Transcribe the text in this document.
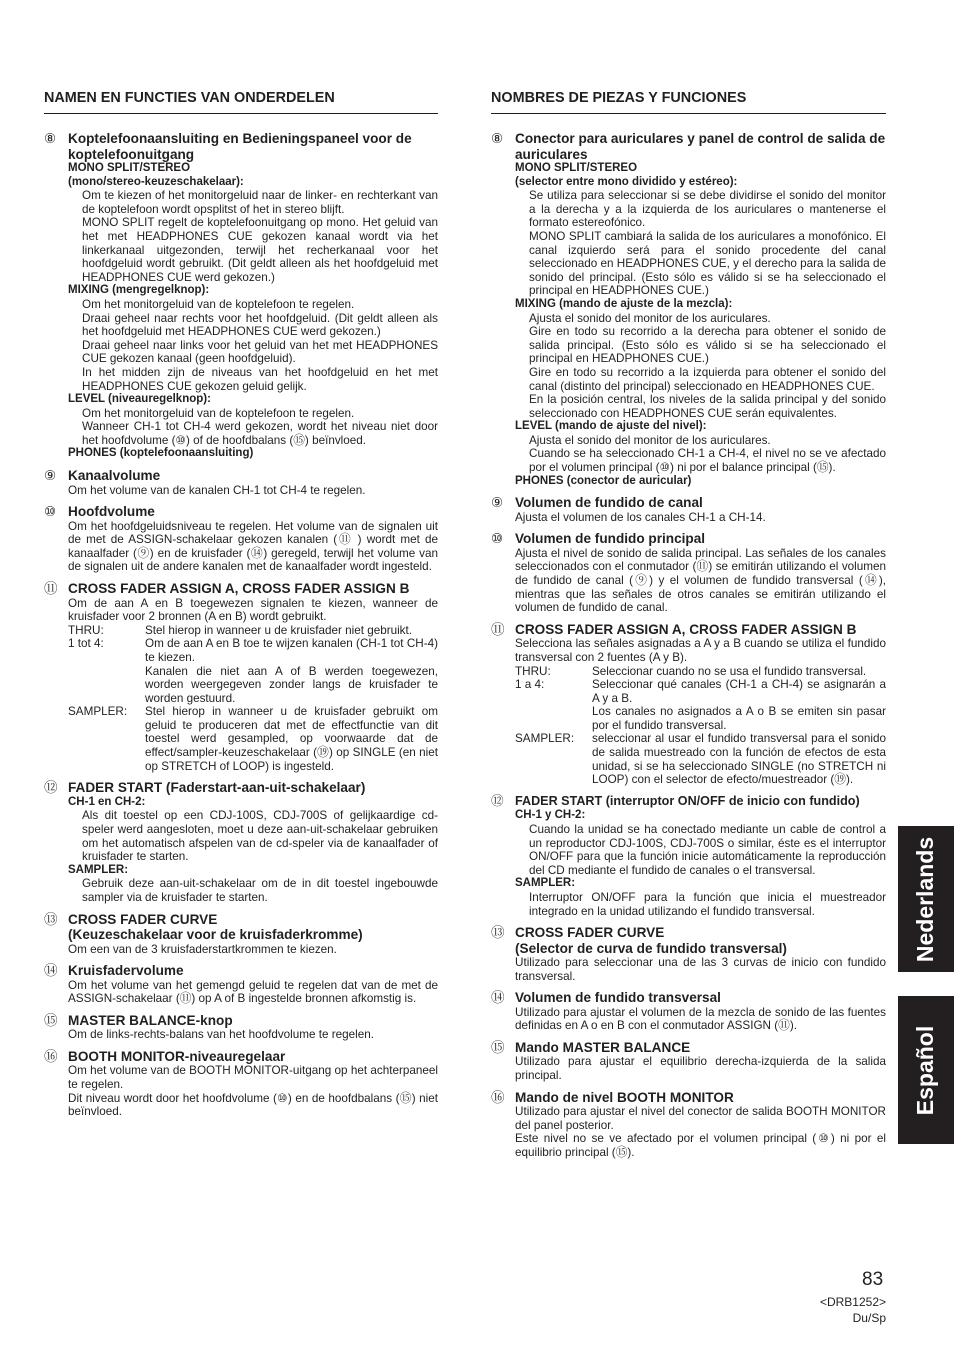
NAMEN EN FUNCTIES VAN ONDERDELEN
⑧ Koptelefoonaansluiting en Bedieningspaneel voor de koptelefoonuitgang
MONO SPLIT/STEREO
(mono/stereo-keuzeschakelaar):
Om te kiezen of het monitorgeluid naar de linker- en rechterkant van de koptelefoon wordt opsplitst of het in stereo blijft.
MONO SPLIT regelt de koptelefoonuitgang op mono. Het geluid van het met HEADPHONES CUE gekozen kanaal wordt via het linkerkanaal uitgezonden, terwijl het recherkanaal voor het hoofdgeluid wordt gebruikt. (Dit geldt alleen als het hoofdgeluid met HEADPHONES CUE werd gekozen.)
MIXING (mengregelknop):
Om het monitorgeluid van de koptelefoon te regelen.
Draai geheel naar rechts voor het hoofdgeluid. (Dit geldt alleen als het hoofdgeluid met HEADPHONES CUE werd gekozen.)
Draai geheel naar links voor het geluid van het met HEADPHONES CUE gekozen kanaal (geen hoofdgeluid).
In het midden zijn de niveaus van het hoofdgeluid en het met HEADPHONES CUE gekozen geluid gelijk.
LEVEL (niveauregelknop):
Om het monitorgeluid van de koptelefoon te regelen.
Wanneer CH-1 tot CH-4 werd gekozen, wordt het niveau niet door het hoofdvolume (⑩) of de hoofdbalans (⑮) beïnvloed.
PHONES (koptelefoonaansluiting)
⑨ Kanaalvolume
Om het volume van de kanalen CH-1 tot CH-4 te regelen.
⑩ Hoofdvolume
Om het hoofdgeluidsniveau te regelen. Het volume van de signalen uit de met de ASSIGN-schakelaar gekozen kanalen (⑪ ) wordt met de kanaalfader (⑨) en de kruisfader (⑭) geregeld, terwijl het volume van de signalen uit de andere kanalen met de kanaalfader wordt ingesteld.
⑪ CROSS FADER ASSIGN A, CROSS FADER ASSIGN B
Om de aan A en B toegewezen signalen te kiezen, wanneer de kruisfader voor 2 bronnen (A en B) wordt gebruikt.
THRU:	Stel hierop in wanneer u de kruisfader niet gebruikt.
1 tot 4:	Om de aan A en B toe te wijzen kanalen (CH-1 tot CH-4) te kiezen.
Kanalen die niet aan A of B werden toegewezen, worden weergegeven zonder langs de kruisfader te worden gestuurd.
SAMPLER:	Stel hierop in wanneer u de kruisfader gebruikt om geluid te produceren dat met de effectfunctie van dit toestel werd gesampled, op voorwaarde dat de effect/sampler-keuzeschakelaar (⑲) op SINGLE (en niet op STRETCH of LOOP) is ingesteld.
⑫ FADER START (Faderstart-aan-uit-schakelaar)
CH-1 en CH-2:
Als dit toestel op een CDJ-100S, CDJ-700S of gelijkaardige cd-speler werd aangesloten, moet u deze aan-uit-schakelaar gebruiken om het automatisch afspelen van de cd-speler via de kanaalfader of kruisfader te starten.
SAMPLER:
Gebruik deze aan-uit-schakelaar om de in dit toestel ingebouwde sampler via de kruisfader te starten.
⑬ CROSS FADER CURVE
(Keuzeschakelaar voor de kruisfaderkromme)
Om een van de 3 kruisfaderstartkrommen te kiezen.
⑭ Kruisfadervolume
Om het volume van het gemengd geluid te regelen dat van de met de ASSIGN-schakelaar (⑪) op A of B ingestelde bronnen afkomstig is.
⑮ MASTER BALANCE-knop
Om de links-rechts-balans van het hoofdvolume te regelen.
⑯ BOOTH MONITOR-niveauregelaar
Om het volume van de BOOTH MONITOR-uitgang op het achterpaneel te regelen.
Dit niveau wordt door het hoofdvolume (⑩) en de hoofdbalans (⑮) niet beïnvloed.
NOMBRES DE PIEZAS Y FUNCIONES
⑧ Conector para auriculares y panel de control de salida de auriculares
MONO SPLIT/STEREO
(selector entre mono dividido y estéreo):
Se utiliza para seleccionar si se debe dividirse el sonido del monitor a la derecha y a la izquierda de los auriculares o mantenerse el formato estereofónico.
MONO SPLIT cambiará la salida de los auriculares a monofónico. El canal izquierdo será para el sonido procedente del canal seleccionado en HEADPHONES CUE, y el derecho para la salida de sonido del principal. (Esto sólo es válido si se ha seleccionado el principal en HEADPHONES CUE.)
MIXING (mando de ajuste de la mezcla):
Ajusta el sonido del monitor de los auriculares.
Gire en todo su recorrido a la derecha para obtener el sonido de salida principal. (Esto sólo es válido si se ha seleccionado el principal en HEADPHONES CUE.)
Gire en todo su recorrido a la izquierda para obtener el sonido del canal (distinto del principal) seleccionado en HEADPHONES CUE.
En la posición central, los niveles de la salida principal y del sonido seleccionado con HEADPHONES CUE serán equivalentes.
LEVEL (mando de ajuste del nivel):
Ajusta el sonido del monitor de los auriculares.
Cuando se ha seleccionado CH-1 a CH-4, el nivel no se ve afectado por el volumen principal (⑩) ni por el balance principal (⑮).
PHONES (conector de auricular)
⑨ Volumen de fundido de canal
Ajusta el volumen de los canales CH-1 a CH-14.
⑩ Volumen de fundido principal
Ajusta el nivel de sonido de salida principal. Las señales de los canales seleccionados con el conmutador (⑪) se emitirán utilizando el volumen de fundido de canal (⑨) y el volumen de fundido transversal (⑭), mientras que las señales de otros canales se emitirán utilizando el volumen de fundido de canal.
⑪ CROSS FADER ASSIGN A, CROSS FADER ASSIGN B
Selecciona las señales asignadas a A y a B cuando se utiliza el fundido transversal con 2 fuentes (A y B).
THRU:	Seleccionar cuando no se usa el fundido transversal.
1 a 4:	Seleccionar qué canales (CH-1 a CH-4) se asignarán a A y a B.
Los canales no asignados a A o B se emiten sin pasar por el fundido transversal.
SAMPLER:	seleccionar al usar el fundido transversal para el sonido de salida muestreado con la función de efectos de esta unidad, si se ha seleccionado SINGLE (no STRETCH ni LOOP) con el selector de efecto/muestreador (⑲).
⑫ FADER START (interruptor ON/OFF de inicio con fundido)
CH-1 y CH-2:
Cuando la unidad se ha conectado mediante un cable de control a un reproductor CDJ-100S, CDJ-700S o similar, éste es el interruptor ON/OFF para que la función inicie automáticamente la reproducción del CD mediante el fundido de canales o el transversal.
SAMPLER:
Interruptor ON/OFF para la función que inicia el muestreador integrado en la unidad utilizando el fundido transversal.
⑬ CROSS FADER CURVE
(Selector de curva de fundido transversal)
Utilizado para seleccionar una de las 3 curvas de inicio con fundido transversal.
⑭ Volumen de fundido transversal
Utilizado para ajustar el volumen de la mezcla de sonido de las fuentes definidas en A o en B con el conmutador ASSIGN (⑪).
⑮ Mando MASTER BALANCE
Utilizado para ajustar el equilibrio derecha-izquierda de la salida principal.
⑯ Mando de nivel BOOTH MONITOR
Utilizado para ajustar el nivel del conector de salida BOOTH MONITOR del panel posterior.
Este nivel no se ve afectado por el volumen principal (⑩) ni por el equilibrio principal (⑮).
Nederlands
Español
83
<DRB1252>
Du/Sp
